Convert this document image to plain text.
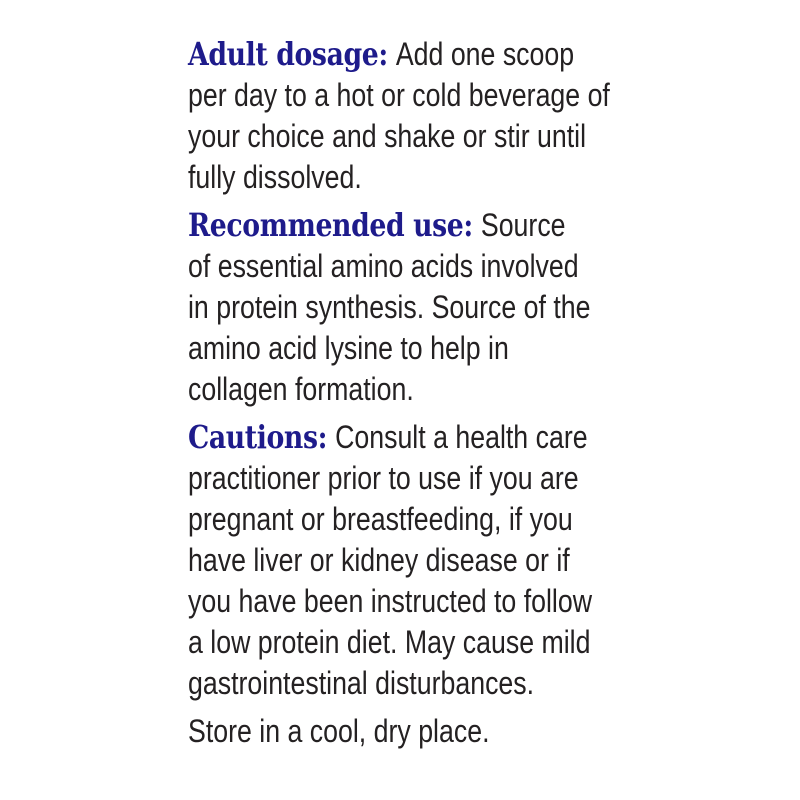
Adult dosage: Add one scoop
per day to a hot or cold beverage of
your choice and shake or stir until
fully dissolved.

Recommended use: Source
of essential amino acids involved
in protein synthesis. Source of the
amino acid lysine to help in
collagen formation.

Cautions: Consult a health care
practitioner prior to use if you are
pregnant or breastfeeding, if you
have liver or kidney disease or if
you have been instructed to follow
a low protein diet. May cause mild
gastrointestinal disturbances.

Store in a cool, dry place.
